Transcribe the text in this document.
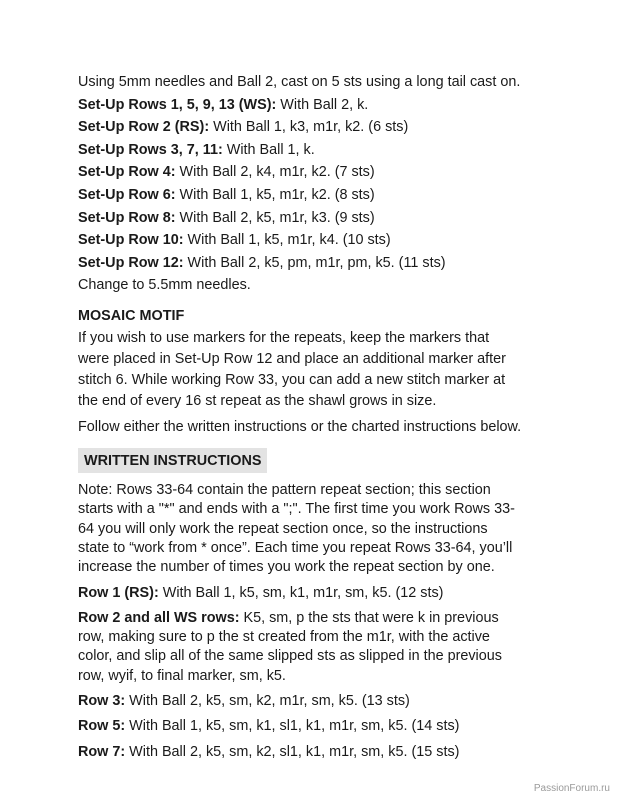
Using 5mm needles and Ball 2, cast on 5 sts using a long tail cast on.

Set-Up Rows 1, 5, 9, 13 (WS): With Ball 2, k.

Set-Up Row 2 (RS): With Ball 1, k3, m1r, k2. (6 sts)

Set-Up Rows 3, 7, 11: With Ball 1, k.

Set-Up Row 4: With Ball 2, k4, m1r, k2. (7 sts)

Set-Up Row 6: With Ball 1, k5, m1r, k2. (8 sts)

Set-Up Row 8: With Ball 2, k5, m1r, k3. (9 sts)

Set-Up Row 10: With Ball 1, k5, m1r, k4. (10 sts)

Set-Up Row 12: With Ball 2, k5, pm, m1r, pm, k5. (11 sts)

Change to 5.5mm needles.

MOSAIC MOTIF

If you wish to use markers for the repeats, keep the markers that
were placed in Set-Up Row 12 and place an additional marker after
stitch 6. While working Row 33, you can add a new stitch marker at
the end of every 16 st repeat as the shawl grows in size.

Follow either the written instructions or the charted instructions below.

WRITTEN INSTRUCTIONS
Note: Rows 33-64 contain the pattern repeat section; this section
starts with a "*" and ends with a ";". The first time you work Rows 33-
64 you will only work the repeat section once, so the instructions
state to “work from * once”. Each time you repeat Rows 33-64, you’ll
increase the number of times you work the repeat section by one.

Row 1 (RS): With Ball 1, k5, sm, k1, m1r, sm, k5. (12 sts)

Row 2 and all WS rows: K5, sm, p the sts that were k in previous
row, making sure to p the st created from the m1r, with the active
color, and slip all of the same slipped sts as slipped in the previous
row, wyif, to final marker, sm, k5.

Row 3: With Ball 2, k5, sm, k2, m1r, sm, k5. (13 sts)

Row 5: With Ball 1, k5, sm, k1, sl1, k1, m1r, sm, k5. (14 sts)

Row 7: With Ball 2, k5, sm, k2, sl1, k1, m1r, sm, k5. (15 sts)

PassionForum.ru
